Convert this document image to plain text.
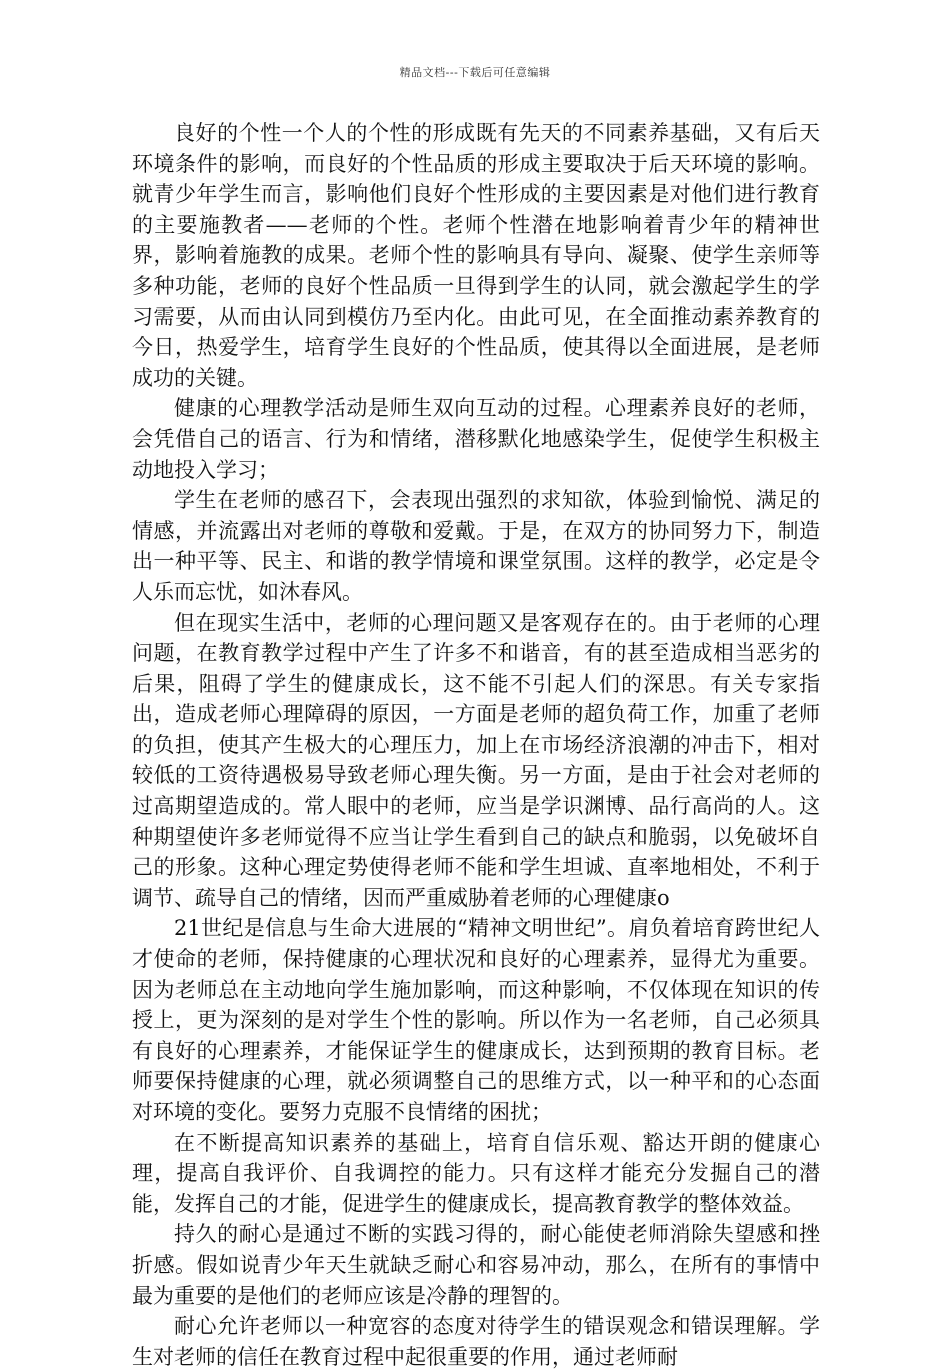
精品文档---下载后可任意编辑

良好的个性一个人的个性的形成既有先天的不同素养基础，又有后天环境条件的影响，而良好的个性品质的形成主要取决于后天环境的影响。就青少年学生而言，影响他们良好个性形成的主要因素是对他们进行教育的主要施教者——老师的个性。老师个性潜在地影响着青少年的精神世界，影响着施教的成果。老师个性的影响具有导向、凝聚、使学生亲师等多种功能，老师的良好个性品质一旦得到学生的认同，就会激起学生的学习需要，从而由认同到模仿乃至内化。由此可见，在全面推动素养教育的今日，热爱学生，培育学生良好的个性品质，使其得以全面进展，是老师成功的关键。

健康的心理教学活动是师生双向互动的过程。心理素养良好的老师，会凭借自己的语言、行为和情绪，潜移默化地感染学生，促使学生积极主动地投入学习；

学生在老师的感召下，会表现出强烈的求知欲，体验到愉悦、满足的情感，并流露出对老师的尊敬和爱戴。于是，在双方的协同努力下，制造出一种平等、民主、和谐的教学情境和课堂氛围。这样的教学，必定是令人乐而忘忧，如沐春风。

但在现实生活中，老师的心理问题又是客观存在的。由于老师的心理问题，在教育教学过程中产生了许多不和谐音，有的甚至造成相当恶劣的后果，阻碍了学生的健康成长，这不能不引起人们的深思。有关专家指出，造成老师心理障碍的原因，一方面是老师的超负荷工作，加重了老师的负担，使其产生极大的心理压力，加上在市场经济浪潮的冲击下，相对较低的工资待遇极易导致老师心理失衡。另一方面，是由于社会对老师的过高期望造成的。常人眼中的老师，应当是学识渊博、品行高尚的人。这种期望使许多老师觉得不应当让学生看到自己的缺点和脆弱，以免破坏自己的形象。这种心理定势使得老师不能和学生坦诚、直率地相处，不利于调节、疏导自己的情绪，因而严重威胁着老师的心理健康o

21世纪是信息与生命大进展的“精神文明世纪”。肩负着培育跨世纪人才使命的老师，保持健康的心理状况和良好的心理素养，显得尤为重要。因为老师总在主动地向学生施加影响，而这种影响，不仅体现在知识的传授上，更为深刻的是对学生个性的影响。所以作为一名老师，自己必须具有良好的心理素养，才能保证学生的健康成长，达到预期的教育目标。老师要保持健康的心理，就必须调整自己的思维方式，以一种平和的心态面对环境的变化。要努力克服不良情绪的困扰；

在不断提高知识素养的基础上，培育自信乐观、豁达开朗的健康心理，提高自我评价、自我调控的能力。只有这样才能充分发掘自己的潜能，发挥自己的才能，促进学生的健康成长，提高教育教学的整体效益。

持久的耐心是通过不断的实践习得的，耐心能使老师消除失望感和挫折感。假如说青少年天生就缺乏耐心和容易冲动，那么，在所有的事情中最为重要的是他们的老师应该是冷静的理智的。

耐心允许老师以一种宽容的态度对待学生的错误观念和错误理解。学生对老师的信任在教育过程中起很重要的作用，通过老师耐
